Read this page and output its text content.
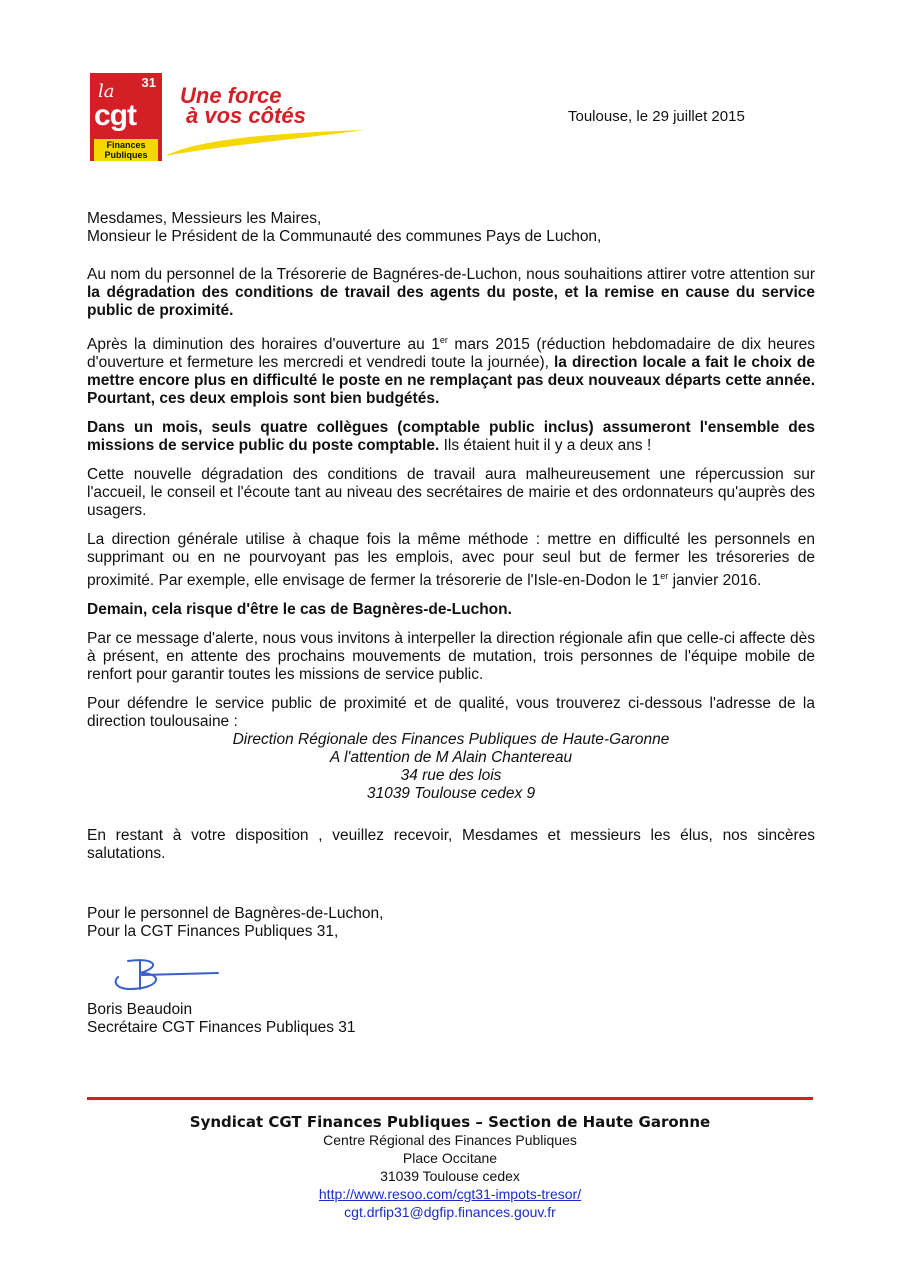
31
la
cgt
Finances
Publiques
Une force
à vos côtés	Toulouse, le 29 juillet 2015
Mesdames, Messieurs les Maires,
Monsieur le Président de la Communauté des communes Pays de Luchon,

Au nom du personnel de la Trésorerie de Bagnéres-de-Luchon, nous souhaitions attirer votre attention sur la dégradation des conditions de travail des agents du poste, et la remise en cause du service public de proximité.

Après la diminution des horaires d'ouverture au 1er mars 2015 (réduction hebdomadaire de dix heures d'ouverture et fermeture les mercredi et vendredi toute la journée), la direction locale a fait le choix de mettre encore plus en difficulté le poste en ne remplaçant pas deux nouveaux départs cette année. Pourtant, ces deux emplois sont bien budgétés.

Dans un mois, seuls quatre collègues (comptable public inclus) assumeront l'ensemble des missions de service public du poste comptable. Ils étaient huit il y a deux ans !

Cette nouvelle dégradation des conditions de travail aura malheureusement une répercussion sur l'accueil, le conseil et l'écoute tant au niveau des secrétaires de mairie et des ordonnateurs qu'auprès des usagers.

La direction générale utilise à chaque fois la même méthode : mettre en difficulté les personnels en supprimant ou en ne pourvoyant pas les emplois, avec pour seul but de fermer les trésoreries de proximité. Par exemple, elle envisage de fermer la trésorerie de l'Isle-en-Dodon le 1er janvier 2016.

Demain, cela risque d'être le cas de Bagnères-de-Luchon.

Par ce message d'alerte, nous vous invitons à interpeller la direction régionale afin que celle-ci affecte dès à présent, en attente des prochains mouvements de mutation, trois personnes de l'équipe mobile de renfort pour garantir toutes les missions de service public.

Pour défendre le service public de proximité et de qualité, vous trouverez ci-dessous l'adresse de la direction toulousaine :

Direction Régionale des Finances Publiques de Haute-Garonne
A l'attention de M Alain Chantereau
34 rue des lois
31039 Toulouse cedex 9

En restant à votre disposition , veuillez recevoir, Mesdames et messieurs les élus, nos sincères salutations.

Pour le personnel de Bagnères-de-Luchon,
Pour la CGT Finances Publiques 31,
Boris Beaudoin
Secrétaire CGT Finances Publiques 31
Syndicat CGT Finances Publiques – Section de Haute Garonne
Centre Régional des Finances Publiques
Place Occitane
31039 Toulouse cedex
http://www.resoo.com/cgt31-impots-tresor/
cgt.drfip31@dgfip.finances.gouv.fr
